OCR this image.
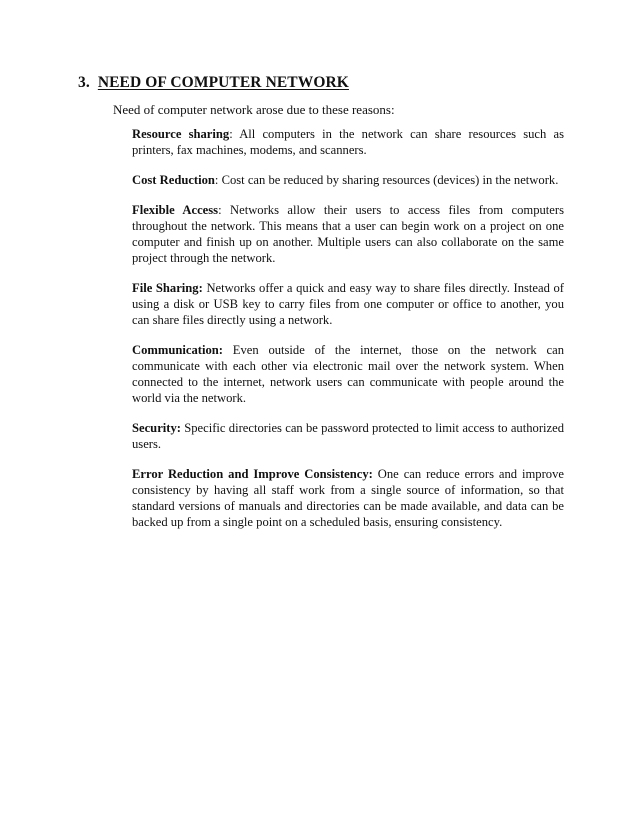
3. NEED OF COMPUTER NETWORK
Need of computer network arose due to these reasons:

Resource sharing: All computers in the network can share resources such as printers, fax machines, modems, and scanners.

Cost Reduction: Cost can be reduced by sharing resources (devices) in the network.

Flexible Access: Networks allow their users to access files from computers throughout the network. This means that a user can begin work on a project on one computer and finish up on another. Multiple users can also collaborate on the same project through the network.

File Sharing: Networks offer a quick and easy way to share files directly. Instead of using a disk or USB key to carry files from one computer or office to another, you can share files directly using a network.

Communication: Even outside of the internet, those on the network can communicate with each other via electronic mail over the network system. When connected to the internet, network users can communicate with people around the world via the network.

Security: Specific directories can be password protected to limit access to authorized users.

Error Reduction and Improve Consistency: One can reduce errors and improve consistency by having all staff work from a single source of information, so that standard versions of manuals and directories can be made available, and data can be backed up from a single point on a scheduled basis, ensuring consistency.
